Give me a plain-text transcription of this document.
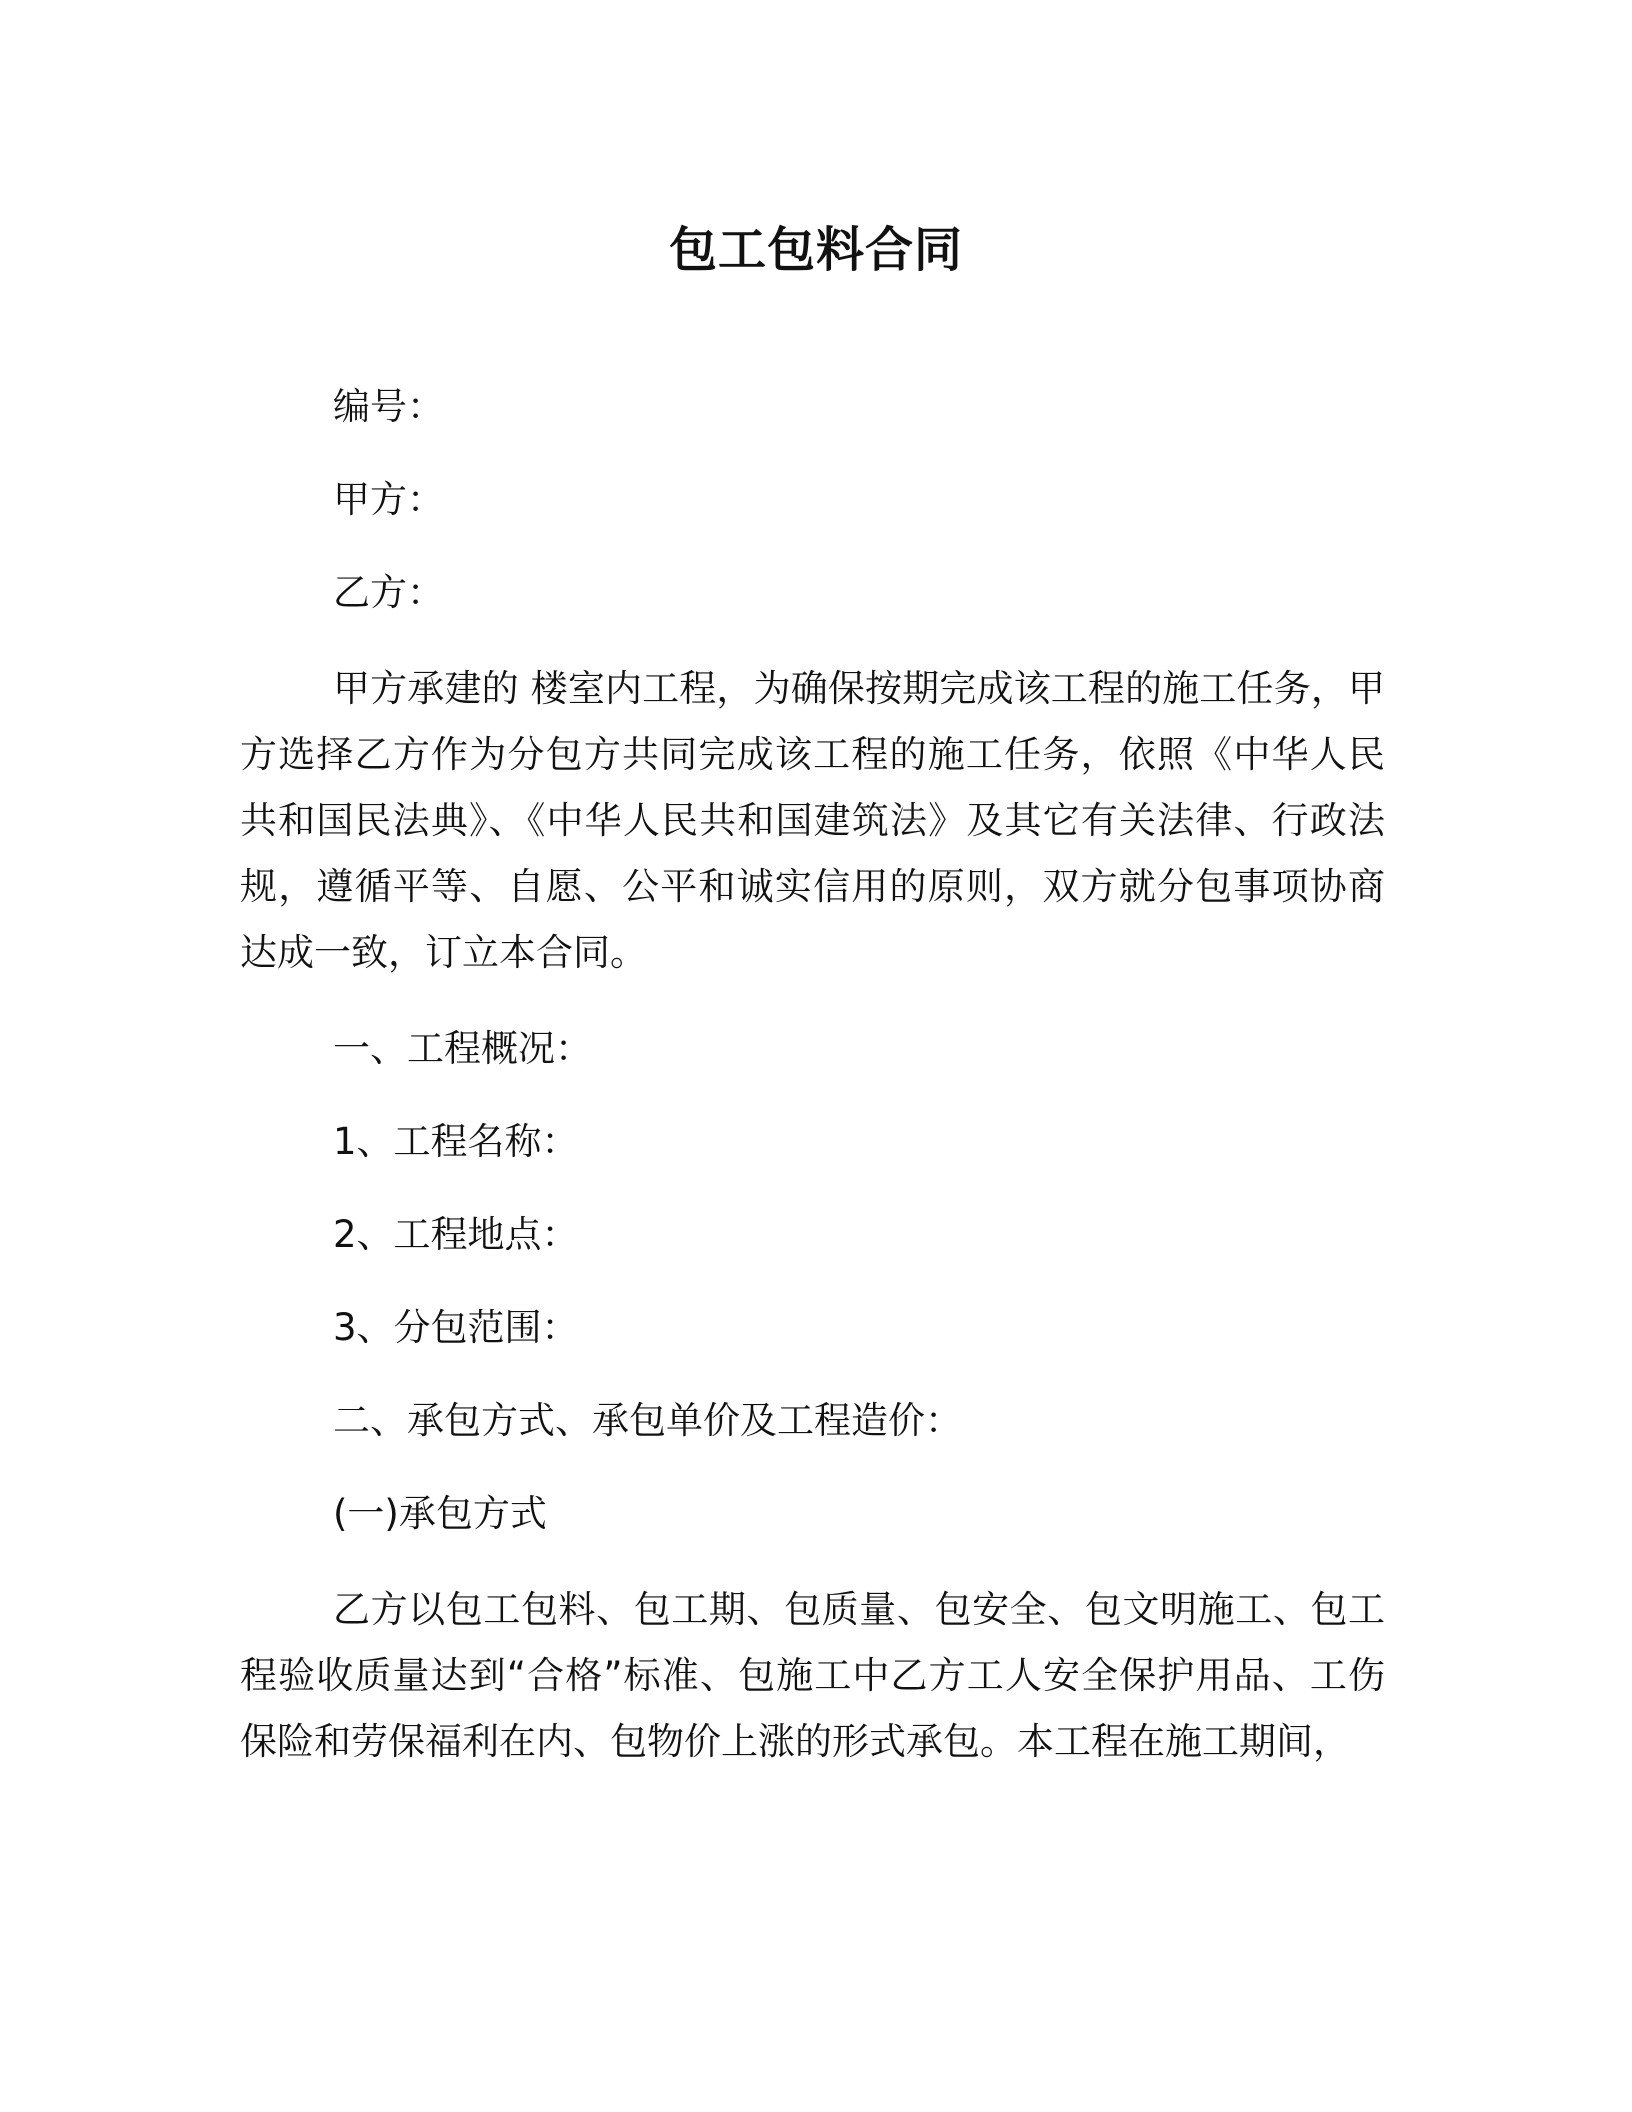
包工包料合同

编号：

甲方：

乙方：

甲方承建的 楼室内工程，为确保按期完成该工程的施工任务，甲方选择乙方作为分包方共同完成该工程的施工任务，依照《中华人民共和国民法典》、《中华人民共和国建筑法》及其它有关法律、行政法规，遵循平等、自愿、公平和诚实信用的原则，双方就分包事项协商达成一致，订立本合同。

一、工程概况：

1、工程名称：

2、工程地点：

3、分包范围：

二、承包方式、承包单价及工程造价：

(一)承包方式

乙方以包工包料、包工期、包质量、包安全、包文明施工、包工程验收质量达到“合格”标准、包施工中乙方工人安全保护用品、工伤保险和劳保福利在内、包物价上涨的形式承包。本工程在施工期间，
